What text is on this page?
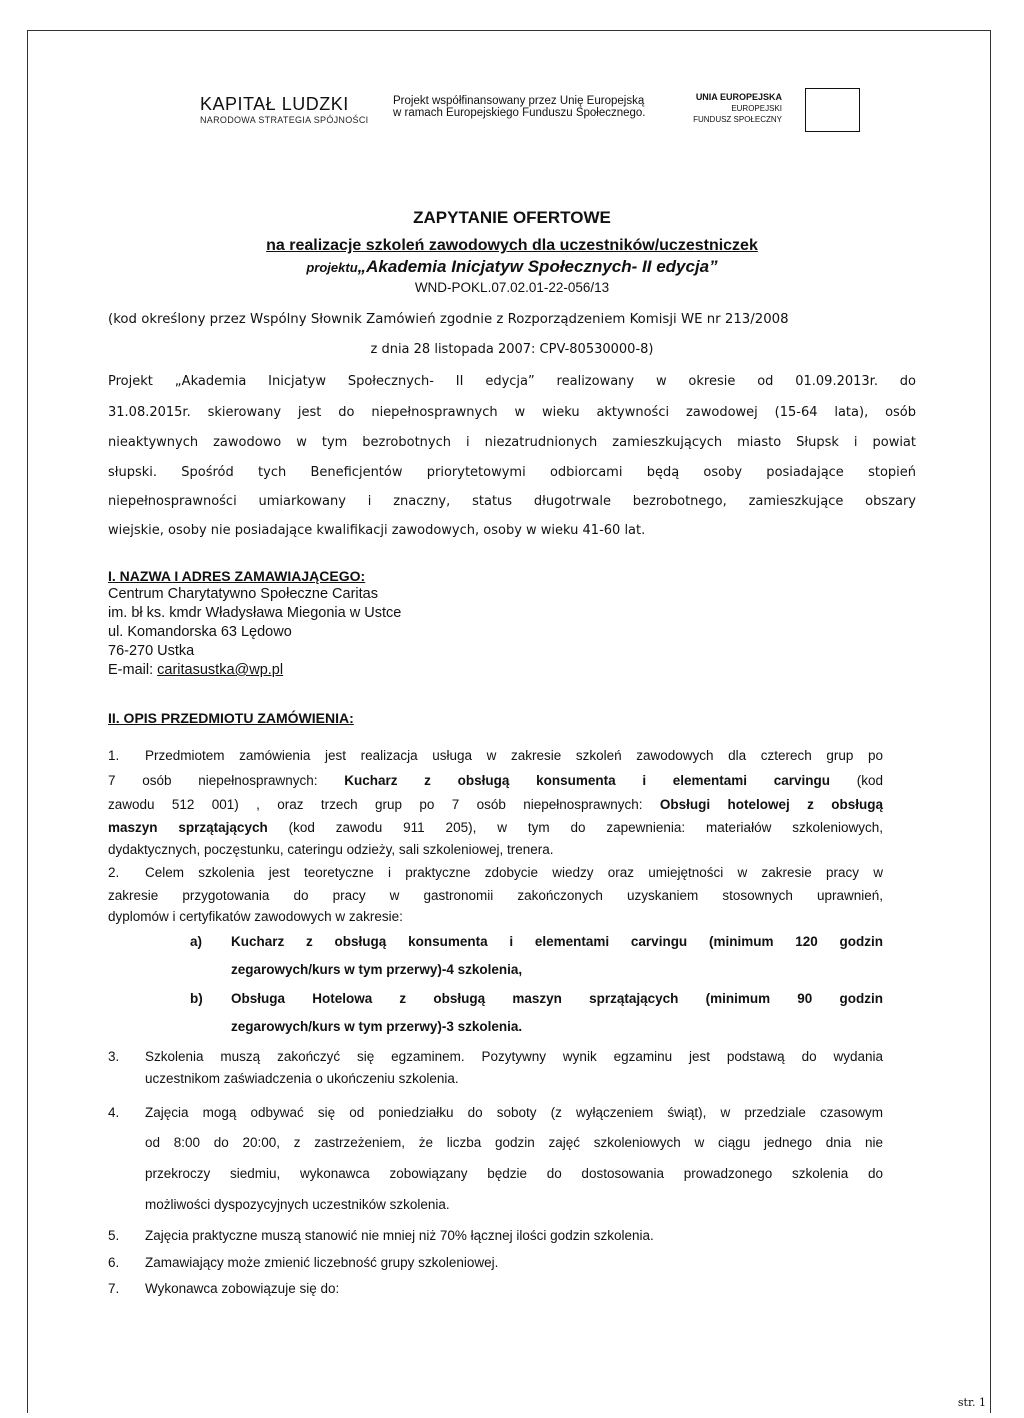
KAPITAŁ LUDZKI
NARODOWA STRATEGIA SPÓJNOŚCI
Projekt współfinansowany przez Unię Europejską
w ramach Europejskiego Funduszu Społecznego.
UNIA EUROPEJSKA
EUROPEJSKI
FUNDUSZ SPOŁECZNY
ZAPYTANIE OFERTOWE
na realizacje szkoleń zawodowych dla uczestników/uczestniczek
projektu„Akademia Inicjatyw Społecznych- II edycja”
WND-POKL.07.02.01-22-056/13
(kod określony przez Wspólny Słownik Zamówień zgodnie z Rozporządzeniem Komisji WE nr 213/2008
z dnia 28 listopada 2007: CPV-80530000-8)
Projekt „Akademia Inicjatyw Społecznych- II edycja” realizowany w okresie od 01.09.2013r. do
31.08.2015r. skierowany jest do niepełnosprawnych w wieku aktywności zawodowej (15-64 lata), osób
nieaktywnych zawodowo w tym bezrobotnych i niezatrudnionych zamieszkujących miasto Słupsk i powiat
słupski. Spośród tych Beneficjentów priorytetowymi odbiorcami będą osoby posiadające stopień
niepełnosprawności umiarkowany i znaczny, status długotrwale bezrobotnego, zamieszkujące obszary
wiejskie, osoby nie posiadające kwalifikacji zawodowych, osoby w wieku 41-60 lat.
I. NAZWA I ADRES ZAMAWIAJĄCEGO:
Centrum Charytatywno Społeczne Caritas
im. bł ks. kmdr Władysława Miegonia w Ustce
ul. Komandorska 63 Lędowo
76-270 Ustka
E-mail: caritasustka@wp.pl
II. OPIS PRZEDMIOTU ZAMÓWIENIA:
1. Przedmiotem zamówienia jest realizacja usługa w zakresie szkoleń zawodowych dla czterech grup po
7 osób niepełnosprawnych: Kucharz z obsługą konsumenta i elementami carvingu (kod
zawodu 512 001) , oraz trzech grup po 7 osób niepełnosprawnych: Obsługi hotelowej z obsługą
maszyn sprzątających (kod zawodu 911 205), w tym do zapewnienia: materiałów szkoleniowych,
dydaktycznych, poczęstunku, cateringu odzieży, sali szkoleniowej, trenera.
2. Celem szkolenia jest teoretyczne i praktyczne zdobycie wiedzy oraz umiejętności w zakresie pracy w
zakresie przygotowania do pracy w gastronomii zakończonych uzyskaniem stosownych uprawnień,
dyplomów i certyfikatów zawodowych w zakresie:
a) Kucharz z obsługą konsumenta i elementami carvingu (minimum 120 godzin
zegarowych/kurs w tym przerwy)-4 szkolenia,
b) Obsługa Hotelowa z obsługą maszyn sprzątających (minimum 90 godzin
zegarowych/kurs w tym przerwy)-3 szkolenia.
3. Szkolenia muszą zakończyć się egzaminem. Pozytywny wynik egzaminu jest podstawą do wydania
uczestnikom zaświadczenia o ukończeniu szkolenia.
4. Zajęcia mogą odbywać się od poniedziałku do soboty (z wyłączeniem świąt), w przedziale czasowym
od 8:00 do 20:00, z zastrzeżeniem, że liczba godzin zajęć szkoleniowych w ciągu jednego dnia nie
przekroczy siedmiu, wykonawca zobowiązany będzie do dostosowania prowadzonego szkolenia do
możliwości dyspozycyjnych uczestników szkolenia.
5. Zajęcia praktyczne muszą stanowić nie mniej niż 70% łącznej ilości godzin szkolenia.
6. Zamawiający może zmienić liczebność grupy szkoleniowej.
7. Wykonawca zobowiązuje się do:
str. 1
